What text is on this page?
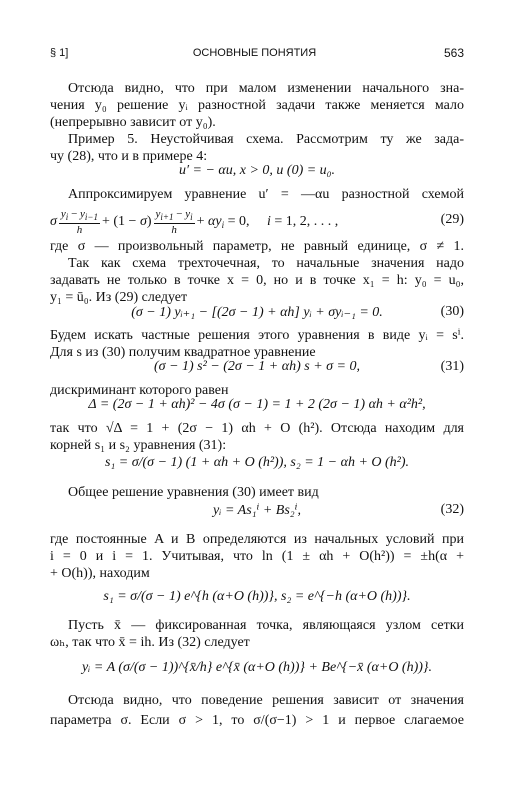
§ 1]	ОСНОВНЫЕ ПОНЯТИЯ	563
Отсюда видно, что при малом изменении начального зна-
чения y₀ решение yᵢ разностной задачи также меняется мало
(непрерывно зависит от y₀).
Пример 5. Неустойчивая схема. Рассмотрим ту же зада-
чу (28), что и в примере 4:
u′ = − αu, x > 0, u (0) = u₀.
Аппроксимируем уравнение u′ = —αu разностной схемой
σ $\frac{y_i - y_{i-1}}{h} + (1 - \sigma) \frac{y_{i+1} - y_i}{h} + \alpha y_i = 0$,     i = 1, 2, . . . ,	(29)
где σ — произвольный параметр, не равный единице, σ ≠ 1.
Так как схема трехточечная, то начальные значения надо
задавать не только в точке x = 0, но и в точке x₁ = h: y₀ = u₀,
y₁ = ū₀. Из (29) следует
(σ − 1) yᵢ₊₁ − [(2σ − 1) + αh] yᵢ + σyᵢ₋₁ = 0.	(30)
Будем искать частные решения этого уравнения в виде yᵢ = sⁱ.
Для s из (30) получим квадратное уравнение
(σ − 1) s² − (2σ − 1 + αh) s + σ = 0,	(31)
дискриминант которого равен
Δ = (2σ − 1 + αh)² − 4σ (σ − 1) = 1 + 2 (2σ − 1) αh + α²h²,
так что √Δ = 1 + (2σ − 1) αh + O (h²). Отсюда находим для
корней s₁ и s₂ уравнения (31):
s₁ = σ/(σ − 1) (1 + αh + O (h²)), s₂ = 1 − αh + O (h²).
Общее решение уравнения (30) имеет вид
yᵢ = As₁ⁱ + Bs₂ⁱ,	(32)
где постоянные A и B определяются из начальных условий при
i = 0 и i = 1. Учитывая, что ln (1 ± αh + O(h²)) = ±h(α +
+ O(h)), находим
s₁ = σ/(σ − 1) e^{h (α+O (h))}, s₂ = e^{−h (α+O (h))}.
Пусть x̄ — фиксированная точка, являющаяся узлом сетки
ωₕ, так что x̄ = ih. Из (32) следует
yᵢ = A (σ/(σ − 1))^{x̄/h} e^{x̄ (α+O (h))} + Be^{−x̄ (α+O (h))}.
Отсюда видно, что поведение решения зависит от значения
параметра σ. Если σ > 1, то σ/(σ−1) > 1 и первое слагаемое
